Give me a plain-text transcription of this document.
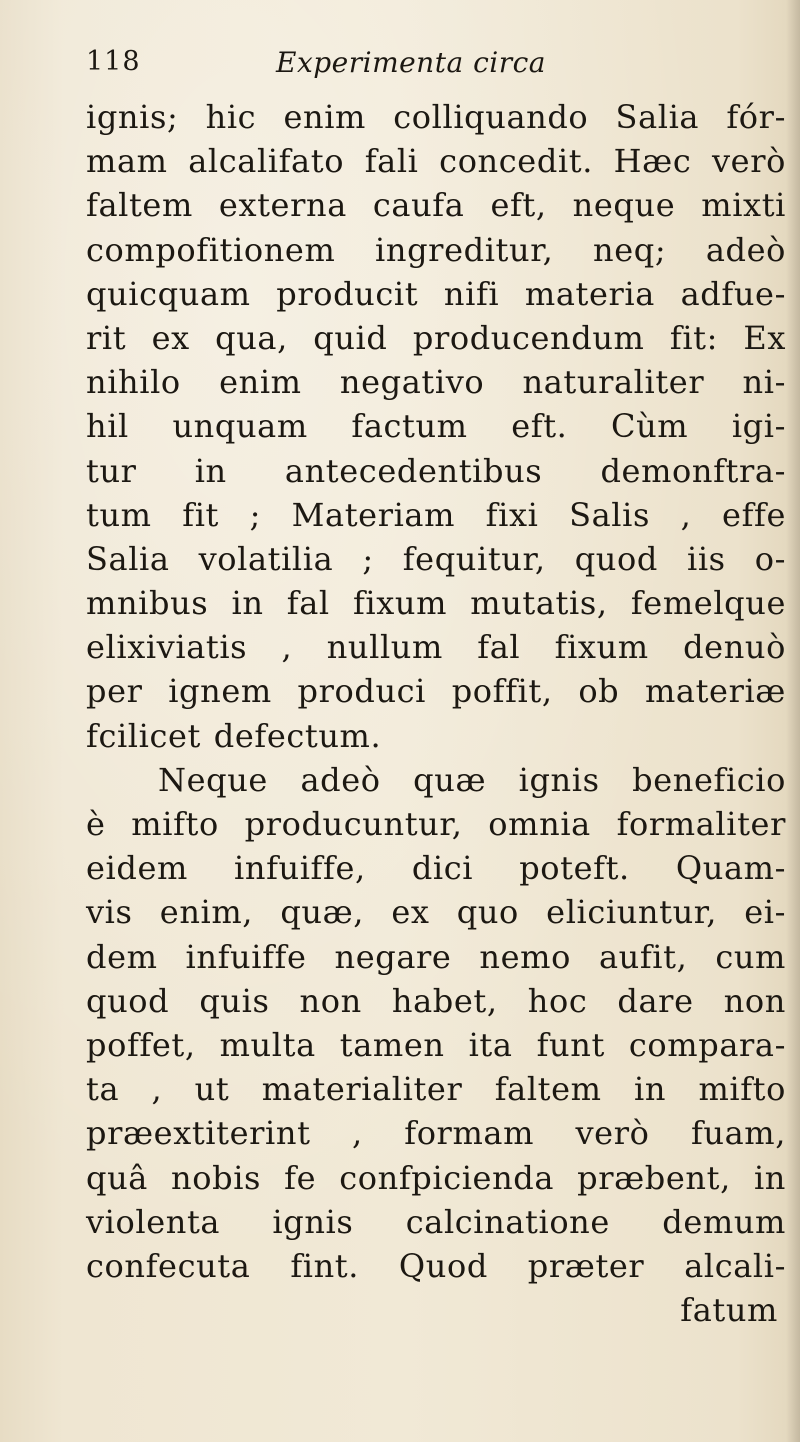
118	Experimenta circa
ignis; hic enim colliquando Salia fór-
mam alcalifato fali concedit. Hæc verò
faltem externa caufa eft, neque mixti
compofitionem ingreditur, neq; adeò
quicquam producit nifi materia adfue-
rit ex qua, quid producendum fit: Ex
nihilo enim negativo naturaliter ni-
hil unquam factum eft. Cùm igi-
tur in antecedentibus demonftra-
tum fit ; Materiam fixi Salis , effe
Salia volatilia ; fequitur, quod iis o-
mnibus in fal fixum mutatis, femelque
elixiviatis , nullum fal fixum denuò
per ignem produci poffit, ob materiæ
fcilicet defectum.
Neque adeò quæ ignis beneficio
è mifto producuntur, omnia formaliter
eidem infuiffe, dici poteft. Quam-
vis enim, quæ, ex quo eliciuntur, ei-
dem infuiffe negare nemo aufit, cum
quod quis non habet, hoc dare non
poffet, multa tamen ita funt compara-
ta , ut materialiter faltem in mifto
præextiterint , formam verò fuam,
quâ nobis fe confpicienda præbent, in
violenta ignis calcinatione demum
confecuta fint. Quod præter alcali-
fatum
